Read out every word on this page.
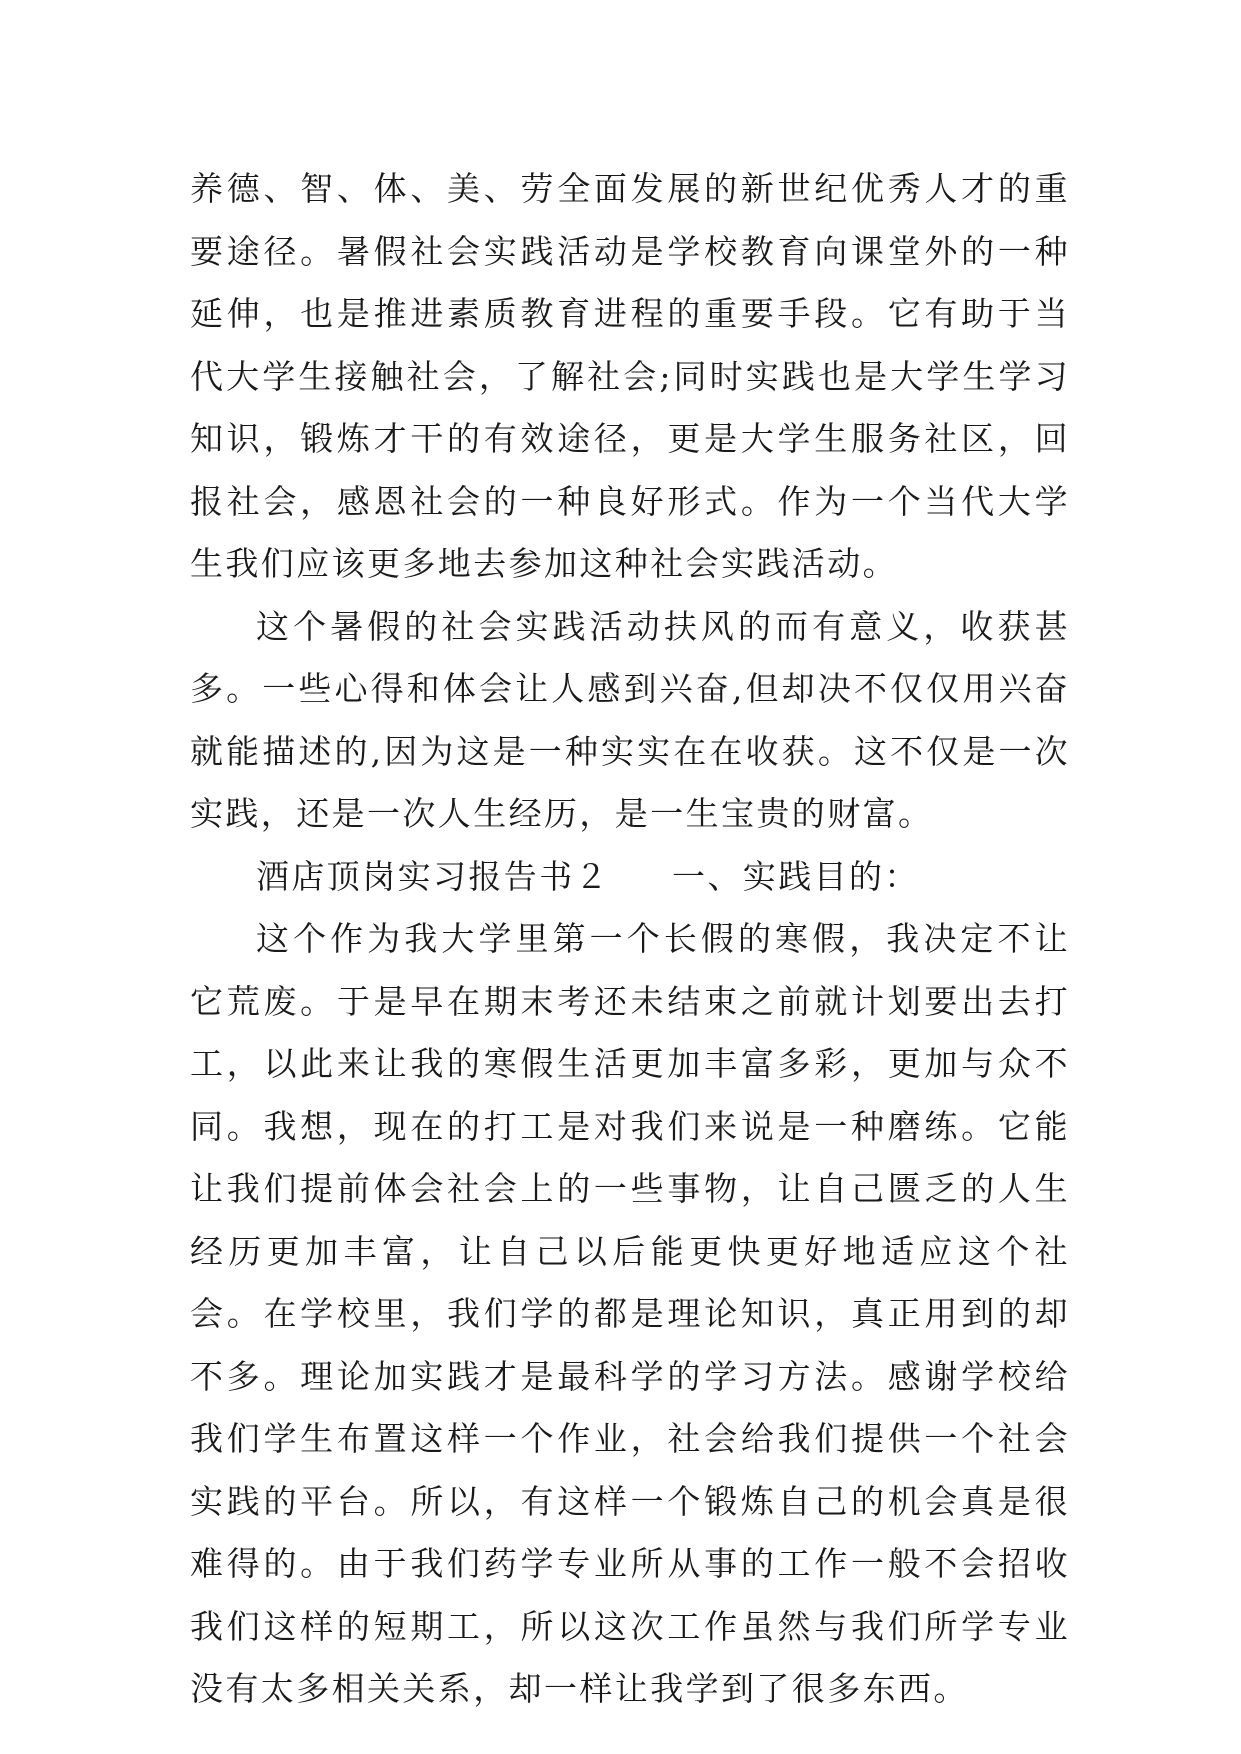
养德、智、体、美、劳全面发展的新世纪优秀人才的重要途径。暑假社会实践活动是学校教育向课堂外的一种延伸，也是推进素质教育进程的重要手段。它有助于当代大学生接触社会，了解社会;同时实践也是大学生学习知识，锻炼才干的有效途径，更是大学生服务社区，回报社会，感恩社会的一种良好形式。作为一个当代大学生我们应该更多地去参加这种社会实践活动。

这个暑假的社会实践活动扶风的而有意义，收获甚多。一些心得和体会让人感到兴奋,但却决不仅仅用兴奋就能描述的,因为这是一种实实在在收获。这不仅是一次实践，还是一次人生经历，是一生宝贵的财富。

酒店顶岗实习报告书２ 一、实践目的：

这个作为我大学里第一个长假的寒假，我决定不让它荒废。于是早在期末考还未结束之前就计划要出去打工，以此来让我的寒假生活更加丰富多彩，更加与众不同。我想，现在的打工是对我们来说是一种磨练。它能让我们提前体会社会上的一些事物，让自己匮乏的人生经历更加丰富，让自己以后能更快更好地适应这个社会。在学校里，我们学的都是理论知识，真正用到的却不多。理论加实践才是最科学的学习方法。感谢学校给我们学生布置这样一个作业，社会给我们提供一个社会实践的平台。所以，有这样一个锻炼自己的机会真是很难得的。由于我们药学专业所从事的工作一般不会招收我们这样的短期工，所以这次工作虽然与我们所学专业没有太多相关关系，却一样让我学到了很多东西。
